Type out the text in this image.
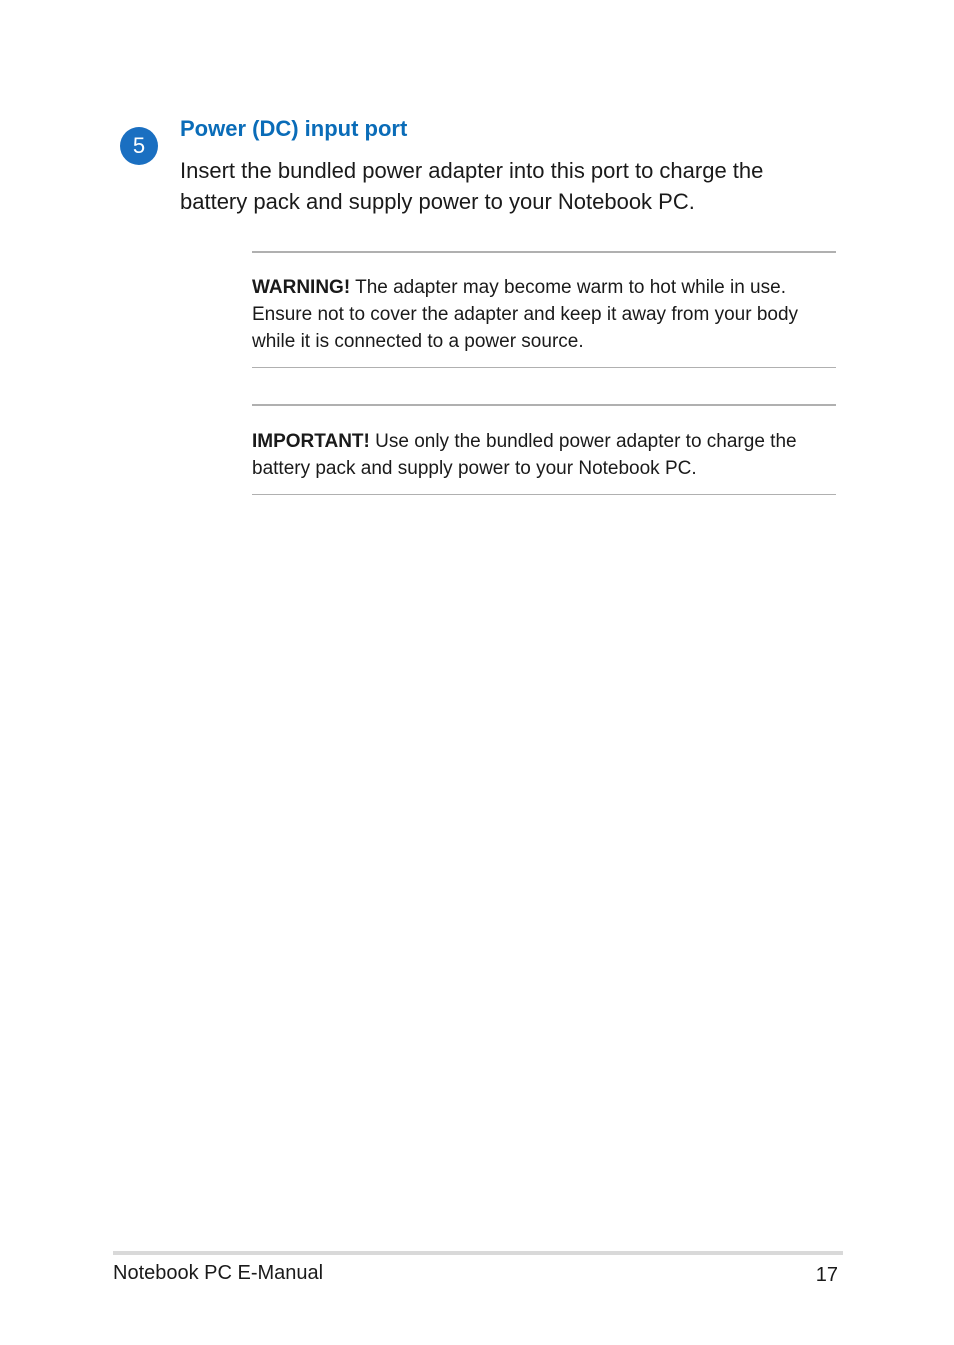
5
Power (DC) input port
Insert the bundled power adapter into this port to charge the battery pack and supply power to your Notebook PC.
WARNING! The adapter may become warm to hot while in use. Ensure not to cover the adapter and keep it away from your body while it is connected to a power source.
IMPORTANT! Use only the bundled power adapter to charge the battery pack and supply power to your Notebook PC.
Notebook PC E-Manual	17
